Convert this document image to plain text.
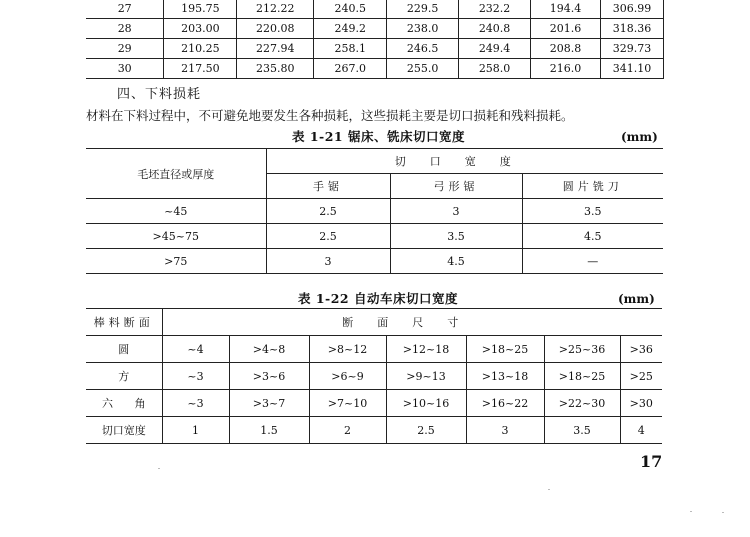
27	195.75	212.22	240.5	229.5	232.2	194.4	306.99
28	203.00	220.08	249.2	238.0	240.8	201.6	318.36
29	210.25	227.94	258.1	246.5	249.4	208.8	329.73
30	217.50	235.80	267.0	255.0	258.0	216.0	341.10
四、下料损耗
材料在下料过程中，不可避免地要发生各种损耗，这些损耗主要是切口损耗和残料损耗。
表 1-21 锯床、铣床切口宽度	(mm)
毛坯直径或厚度	切口宽度		
	手锯	弓形锯	圆片铣刀
~45	2.5	3	3.5
>45~75	2.5	3.5	4.5
>75	3	4.5	—
表 1-22 自动车床切口宽度	(mm)
棒料断面	断面尺寸						
圆	~4	>4~8	>8~12	>12~18	>18~25	>25~36	>36
方	~3	>3~6	>6~9	>9~13	>13~18	>18~25	>25
六 角	~3	>3~7	>7~10	>10~16	>16~22	>22~30	>30
切口宽度	1	1.5	2	2.5	3	3.5	4
17
